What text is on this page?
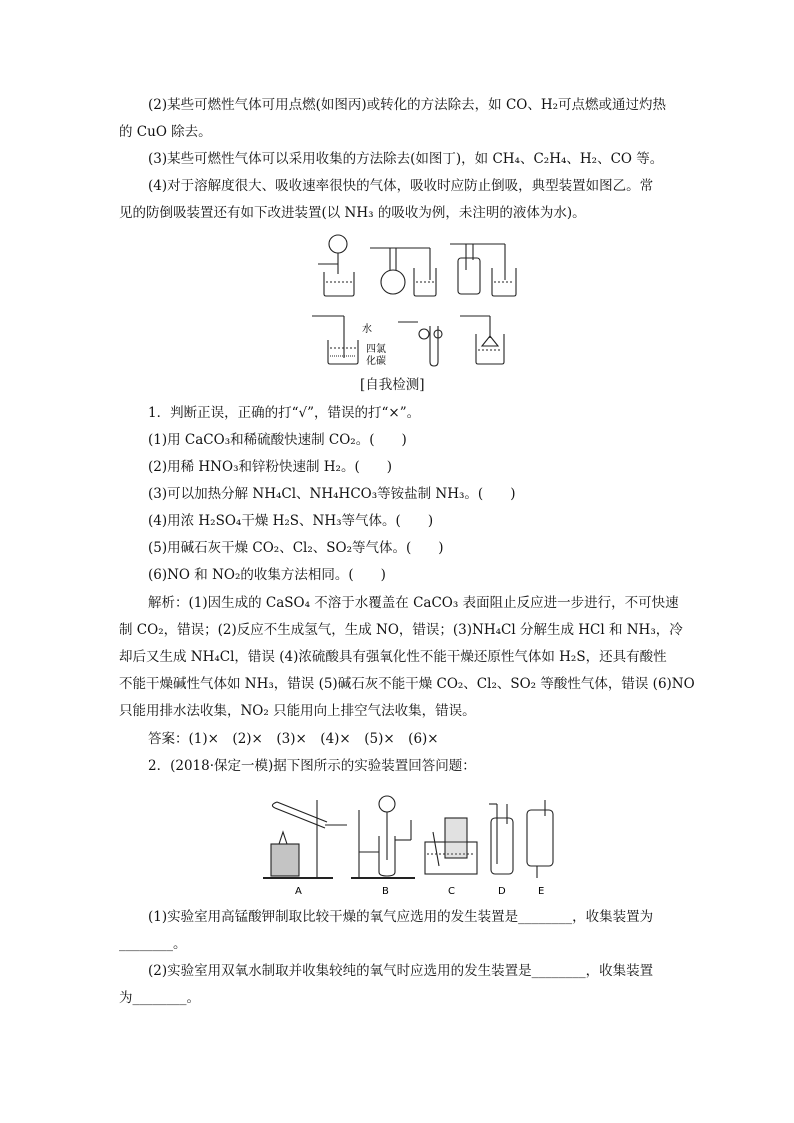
(2)某些可燃性气体可用点燃(如图丙)或转化的方法除去，如 CO、H₂可点燃或通过灼热
的 CuO 除去。
(3)某些可燃性气体可以采用收集的方法除去(如图丁)，如 CH₄、C₂H₄、H₂、CO 等。
(4)对于溶解度很大、吸收速率很快的气体，吸收时应防止倒吸，典型装置如图乙。常
见的防倒吸装置还有如下改进装置(以 NH₃ 的吸收为例，未注明的液体为水)。
水
四氯
化碳
[自我检测]
1．判断正误，正确的打“√”，错误的打“×”。
(1)用 CaCO₃和稀硫酸快速制 CO₂。(　　)
(2)用稀 HNO₃和锌粉快速制 H₂。(　　)
(3)可以加热分解 NH₄Cl、NH₄HCO₃等铵盐制 NH₃。(　　)
(4)用浓 H₂SO₄干燥 H₂S、NH₃等气体。(　　)
(5)用碱石灰干燥 CO₂、Cl₂、SO₂等气体。(　　)
(6)NO 和 NO₂的收集方法相同。(　　)
解析：(1)因生成的 CaSO₄ 不溶于水覆盖在 CaCO₃ 表面阻止反应进一步进行，不可快速
制 CO₂，错误；(2)反应不生成氢气，生成 NO，错误；(3)NH₄Cl 分解生成 HCl 和 NH₃，冷
却后又生成 NH₄Cl，错误 (4)浓硫酸具有强氧化性不能干燥还原性气体如 H₂S，还具有酸性
不能干燥碱性气体如 NH₃，错误 (5)碱石灰不能干燥 CO₂、Cl₂、SO₂ 等酸性气体，错误 (6)NO
只能用排水法收集，NO₂ 只能用向上排空气法收集，错误。
答案：(1)×　(2)×　(3)×　(4)×　(5)×　(6)×
2．(2018·保定一模)据下图所示的实验装置回答问题：
A	B	C	D	E
(1)实验室用高锰酸钾制取比较干燥的氧气应选用的发生装置是________，收集装置为
________。
(2)实验室用双氧水制取并收集较纯的氧气时应选用的发生装置是________，收集装置
为________。
